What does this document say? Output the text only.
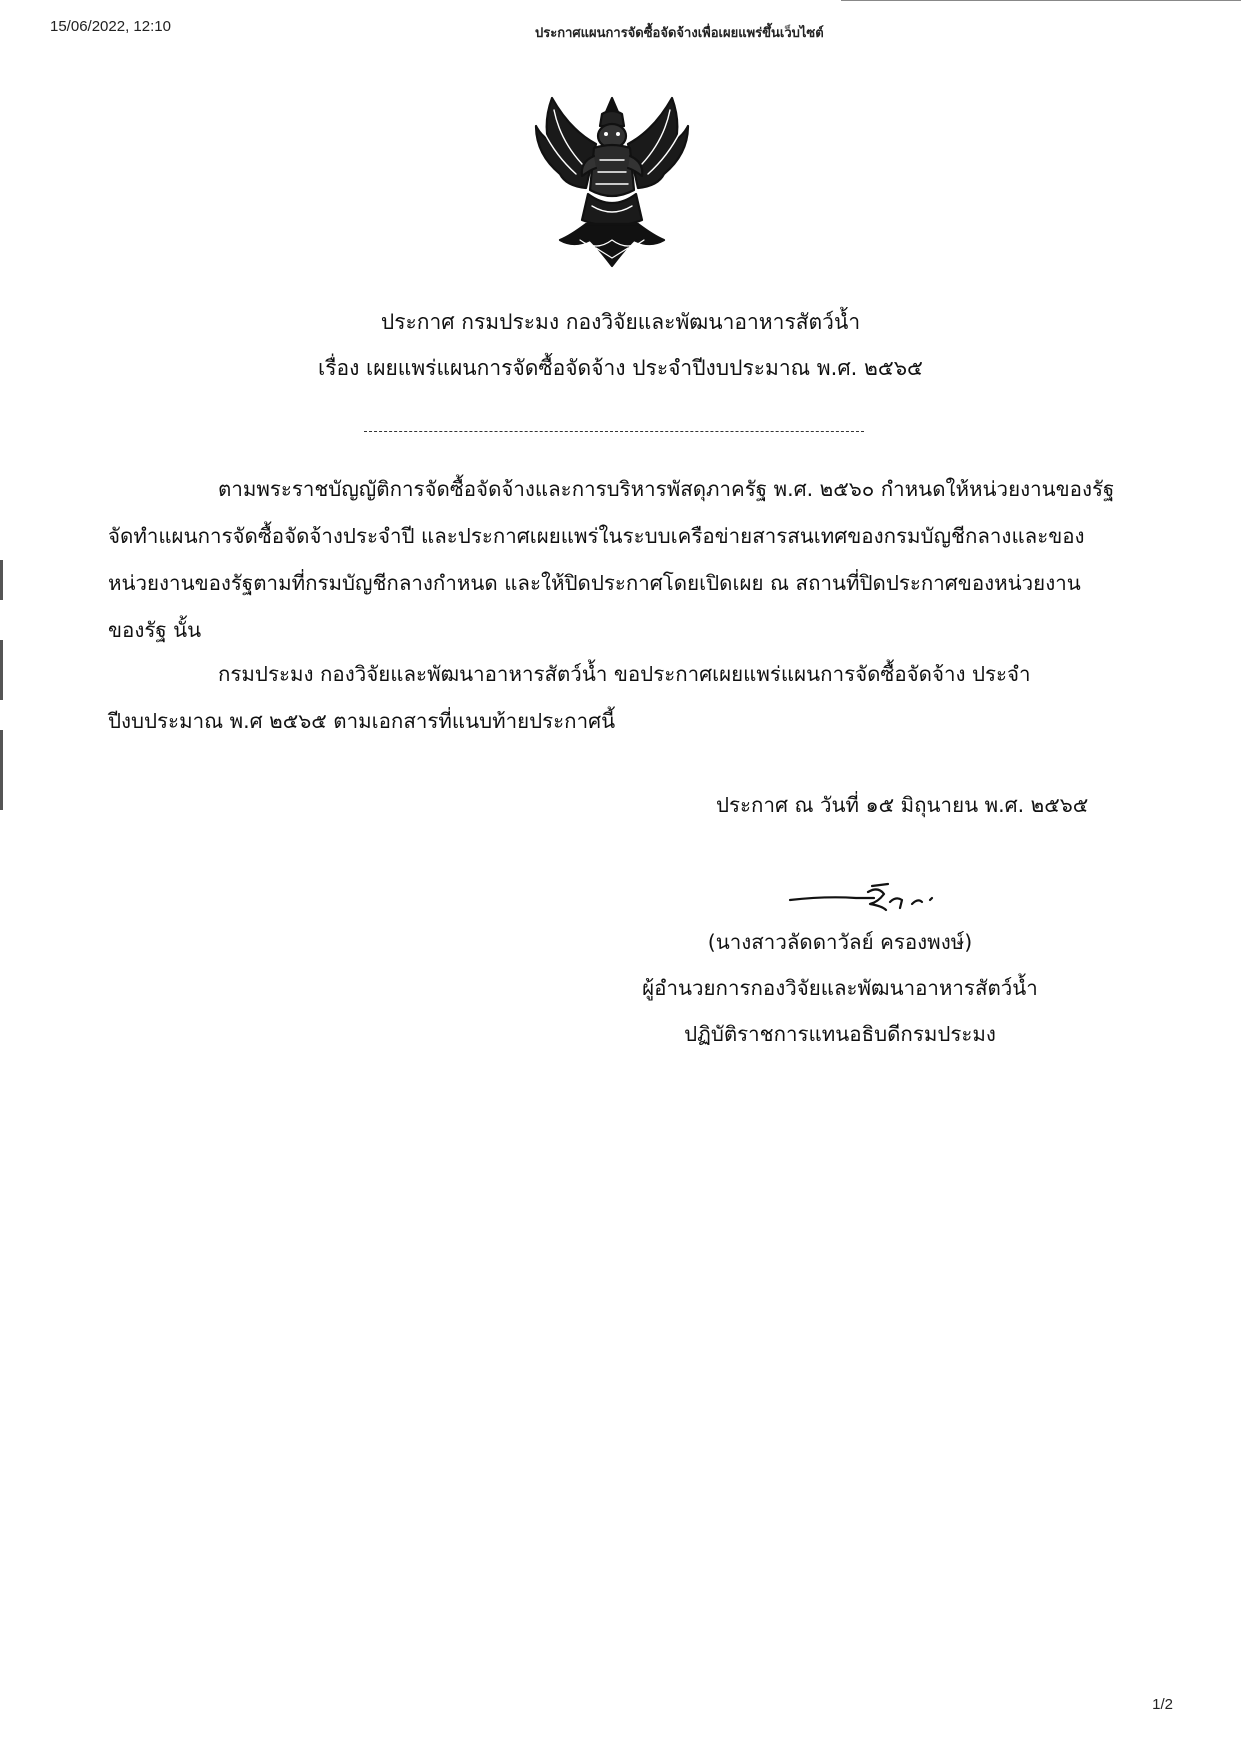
15/06/2022, 12:10	ประกาศแผนการจัดซื้อจัดจ้างเพื่อเผยแพร่ขึ้นเว็บไซต์
ประกาศ กรมประมง กองวิจัยและพัฒนาอาหารสัตว์น้ำ
เรื่อง เผยแพร่แผนการจัดซื้อจัดจ้าง ประจำปีงบประมาณ พ.ศ. ๒๕๖๕
ตามพระราชบัญญัติการจัดซื้อจัดจ้างและการบริหารพัสดุภาครัฐ พ.ศ. ๒๕๖๐ กำหนดให้หน่วยงานของรัฐ
จัดทำแผนการจัดซื้อจัดจ้างประจำปี และประกาศเผยแพร่ในระบบเครือข่ายสารสนเทศของกรมบัญชีกลางและของ
หน่วยงานของรัฐตามที่กรมบัญชีกลางกำหนด และให้ปิดประกาศโดยเปิดเผย ณ สถานที่ปิดประกาศของหน่วยงาน
ของรัฐ นั้น
กรมประมง กองวิจัยและพัฒนาอาหารสัตว์น้ำ ขอประกาศเผยแพร่แผนการจัดซื้อจัดจ้าง ประจำ
ปีงบประมาณ พ.ศ ๒๕๖๕ ตามเอกสารที่แนบท้ายประกาศนี้
ประกาศ ณ วันที่ ๑๕ มิถุนายน พ.ศ. ๒๕๖๕
(นางสาวลัดดาวัลย์ ครองพงษ์)
ผู้อำนวยการกองวิจัยและพัฒนาอาหารสัตว์น้ำ
ปฏิบัติราชการแทนอธิบดีกรมประมง
1/2
